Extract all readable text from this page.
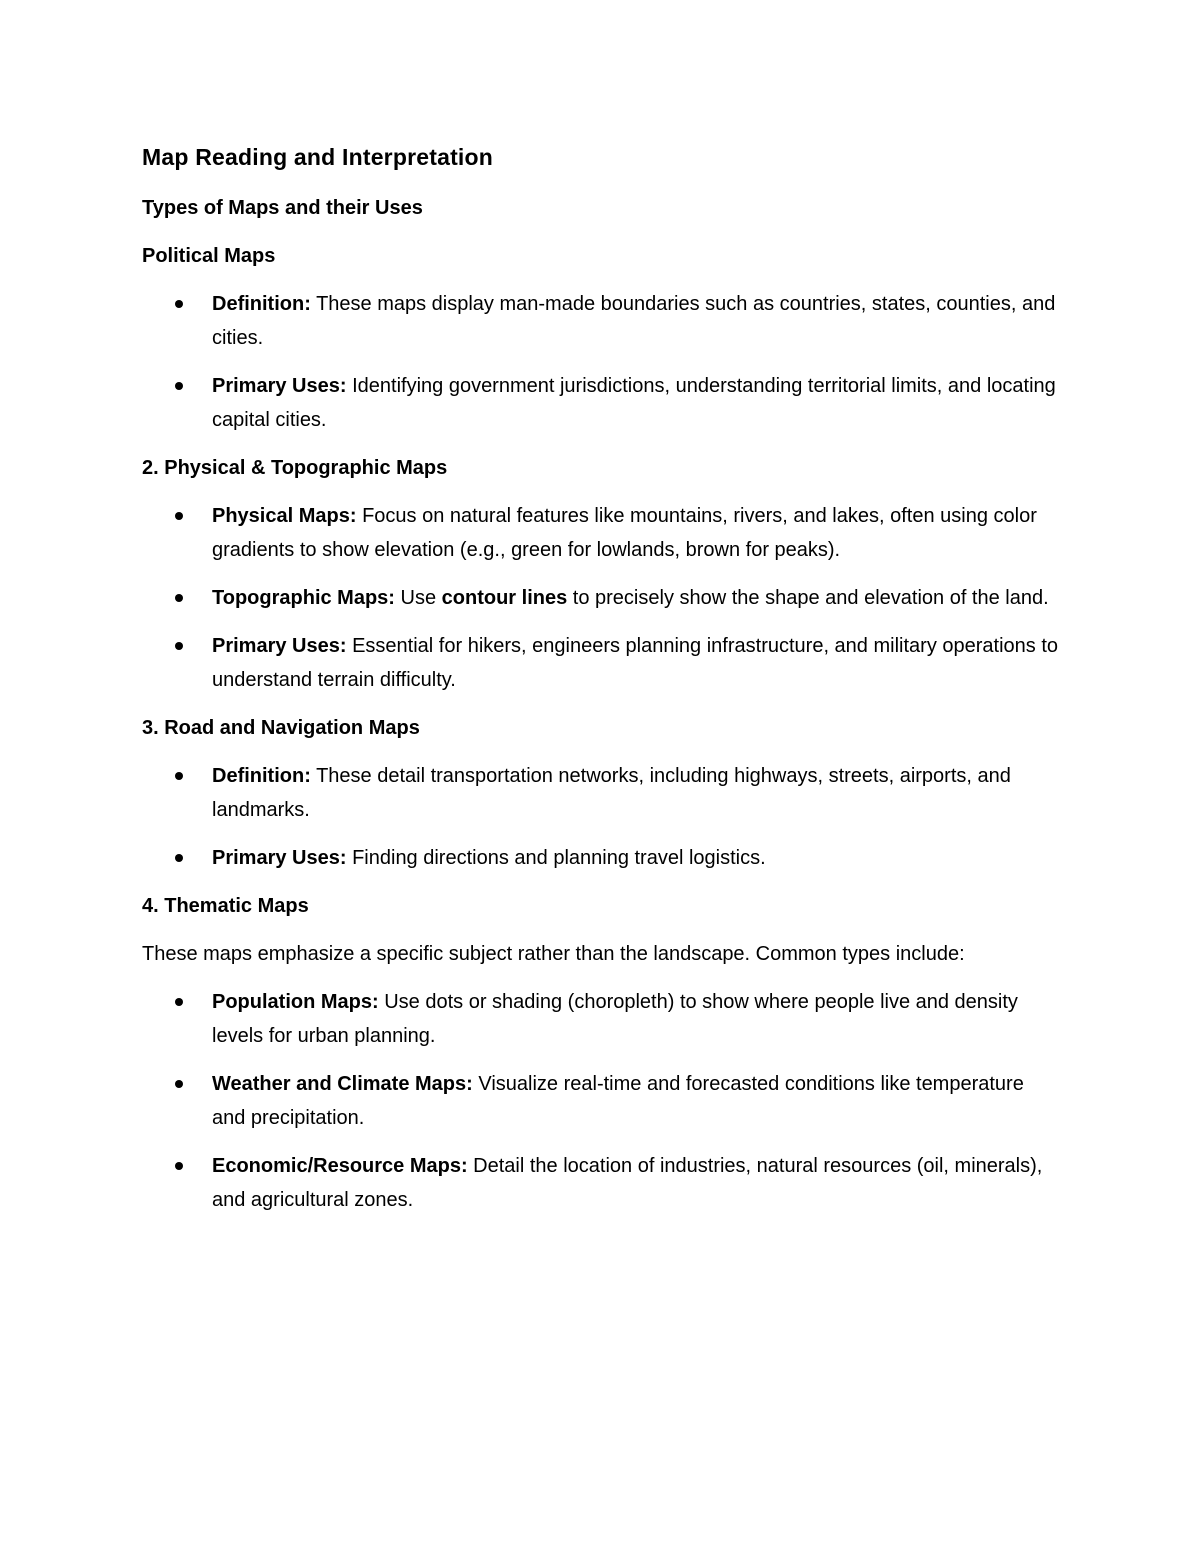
Map Reading and Interpretation
Types of Maps and their Uses
Political Maps
Definition: These maps display man-made boundaries such as countries, states, counties, and cities.
Primary Uses: Identifying government jurisdictions, understanding territorial limits, and locating capital cities.
2. Physical & Topographic Maps
Physical Maps: Focus on natural features like mountains, rivers, and lakes, often using color gradients to show elevation (e.g., green for lowlands, brown for peaks).
Topographic Maps: Use contour lines to precisely show the shape and elevation of the land.
Primary Uses: Essential for hikers, engineers planning infrastructure, and military operations to understand terrain difficulty.
3. Road and Navigation Maps
Definition: These detail transportation networks, including highways, streets, airports, and landmarks.
Primary Uses: Finding directions and planning travel logistics.
4. Thematic Maps
These maps emphasize a specific subject rather than the landscape. Common types include:
Population Maps: Use dots or shading (choropleth) to show where people live and density levels for urban planning.
Weather and Climate Maps: Visualize real-time and forecasted conditions like temperature and precipitation.
Economic/Resource Maps: Detail the location of industries, natural resources (oil, minerals), and agricultural zones.
